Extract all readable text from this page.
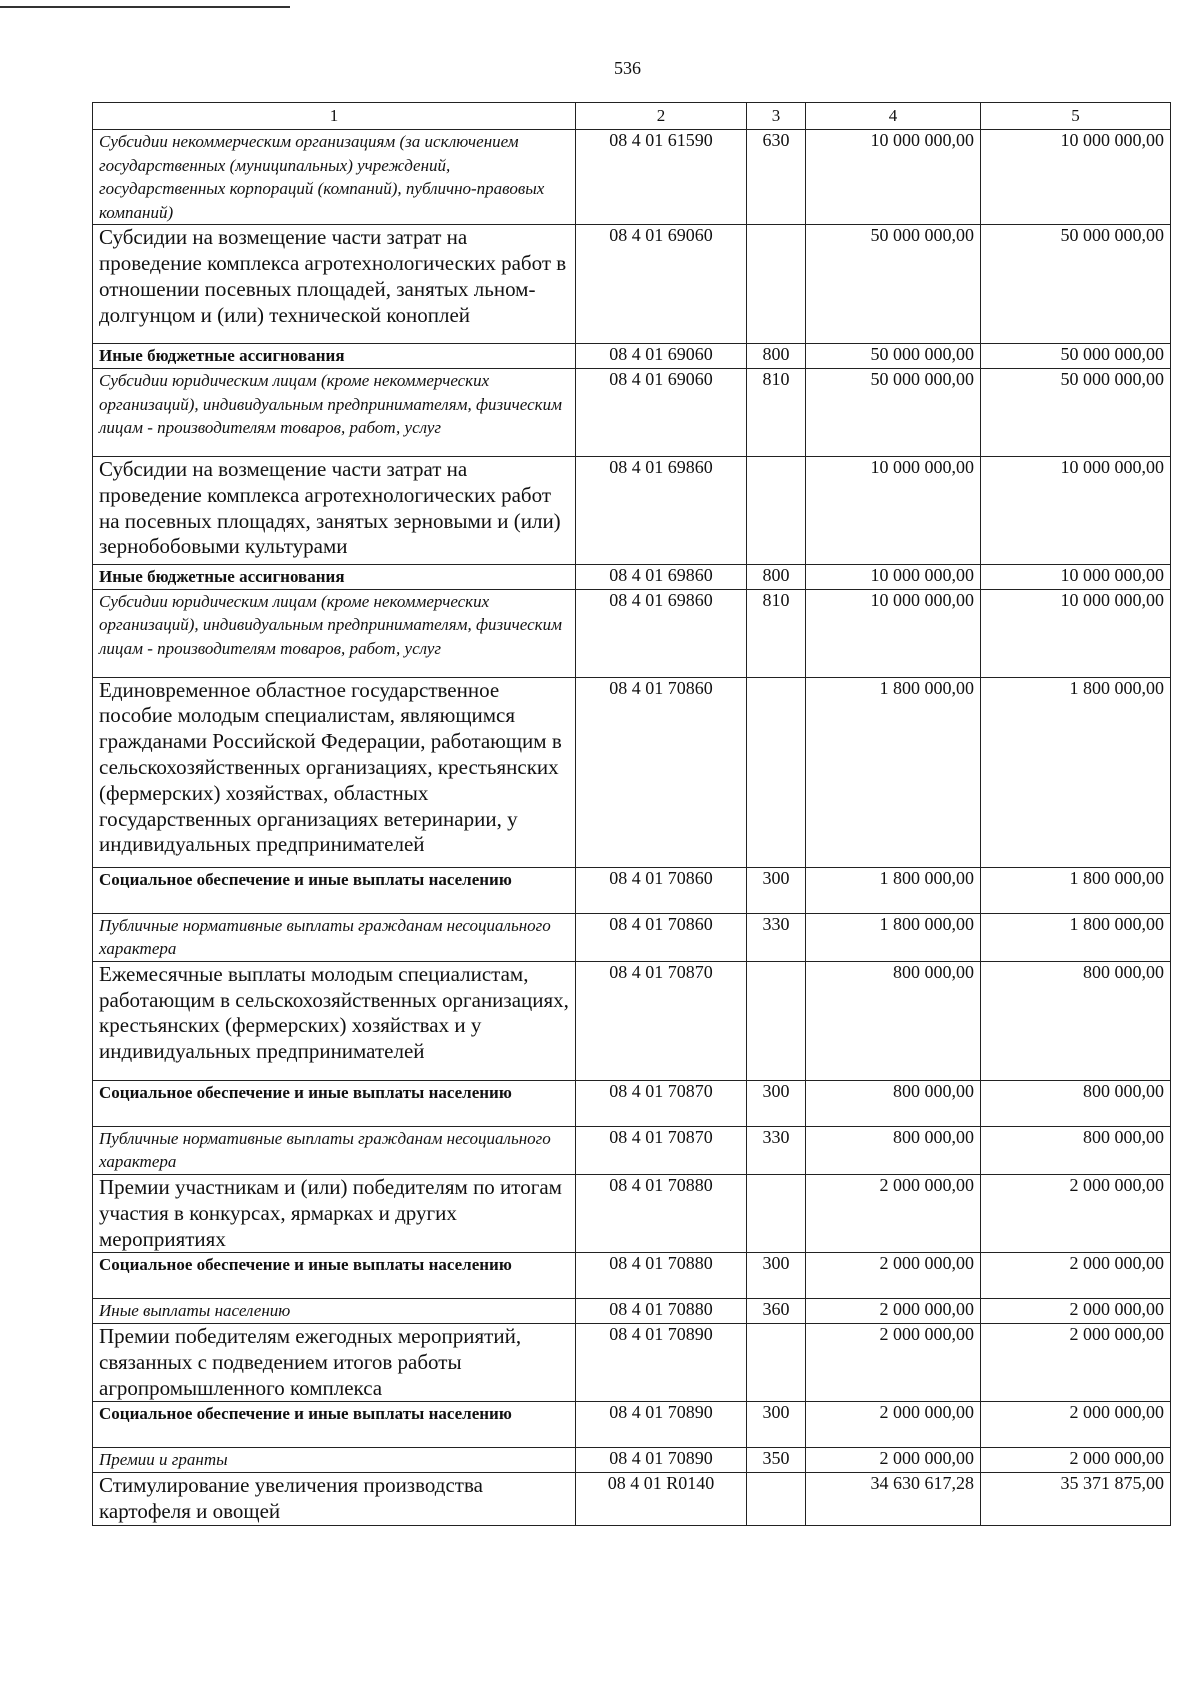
536
1	2	3	4	5
Субсидии некоммерческим организациям (за исключением государственных (муниципальных) учреждений, государственных корпораций (компаний), публично-правовых компаний)	08 4 01 61590	630	10 000 000,00	10 000 000,00
Субсидии на возмещение части затрат на проведение комплекса агротехнологических работ в отношении посевных площадей, занятых льном-долгунцом и (или) технической коноплей	08 4 01 69060		50 000 000,00	50 000 000,00
Иные бюджетные ассигнования	08 4 01 69060	800	50 000 000,00	50 000 000,00
Субсидии юридическим лицам (кроме некоммерческих организаций), индивидуальным предпринимателям, физическим лицам - производителям товаров, работ, услуг	08 4 01 69060	810	50 000 000,00	50 000 000,00
Субсидии на возмещение части затрат на проведение комплекса агротехнологических работ на посевных площадях, занятых зерновыми и (или) зернобобовыми культурами	08 4 01 69860		10 000 000,00	10 000 000,00
Иные бюджетные ассигнования	08 4 01 69860	800	10 000 000,00	10 000 000,00
Субсидии юридическим лицам (кроме некоммерческих организаций), индивидуальным предпринимателям, физическим лицам - производителям товаров, работ, услуг	08 4 01 69860	810	10 000 000,00	10 000 000,00
Единовременное областное государственное пособие молодым специалистам, являющимся гражданами Российской Федерации, работающим в сельскохозяйственных организациях, крестьянских (фермерских) хозяйствах, областных государственных организациях ветеринарии, у индивидуальных предпринимателей	08 4 01 70860		1 800 000,00	1 800 000,00
Социальное обеспечение и иные выплаты населению	08 4 01 70860	300	1 800 000,00	1 800 000,00
Публичные нормативные выплаты гражданам несоциального характера	08 4 01 70860	330	1 800 000,00	1 800 000,00
Ежемесячные выплаты молодым специалистам, работающим в сельскохозяйственных организациях, крестьянских (фермерских) хозяйствах и у индивидуальных предпринимателей	08 4 01 70870		800 000,00	800 000,00
Социальное обеспечение и иные выплаты населению	08 4 01 70870	300	800 000,00	800 000,00
Публичные нормативные выплаты гражданам несоциального характера	08 4 01 70870	330	800 000,00	800 000,00
Премии участникам и (или) победителям по итогам участия в конкурсах, ярмарках и других мероприятиях	08 4 01 70880		2 000 000,00	2 000 000,00
Социальное обеспечение и иные выплаты населению	08 4 01 70880	300	2 000 000,00	2 000 000,00
Иные выплаты населению	08 4 01 70880	360	2 000 000,00	2 000 000,00
Премии победителям ежегодных мероприятий, связанных с подведением итогов работы агропромышленного комплекса	08 4 01 70890		2 000 000,00	2 000 000,00
Социальное обеспечение и иные выплаты населению	08 4 01 70890	300	2 000 000,00	2 000 000,00
Премии и гранты	08 4 01 70890	350	2 000 000,00	2 000 000,00
Стимулирование увеличения производства картофеля и овощей	08 4 01 R0140		34 630 617,28	35 371 875,00
